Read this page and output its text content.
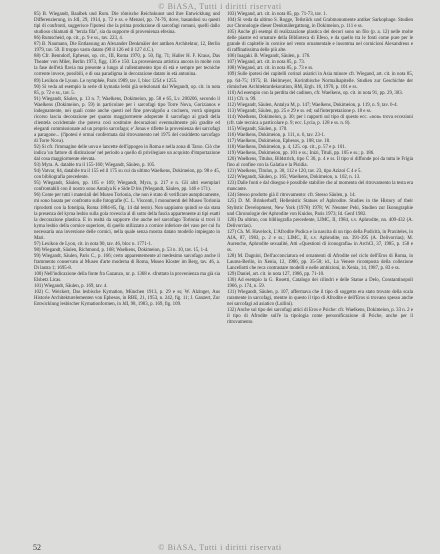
© BiASA, Tutti i diritti riservati

85) B. Wiegandt, Baalbek und Rom. Die römische Reichskunst und ihre Entwicklung und Differenzierung, in JdI, 29, 1914, p. 72 e ss. e Menzel, pp. 74-76, dove, basandosi su questi tipi di confronti, suggerisce l'ipotesi che la prima produzione di sarcofagi romani, quelli dallo studioso chiamati di "terzia fila", sia da supporre di provenienza efesina.

86) Rumscheid, op. cit., p. 9 e ss., tav. 223, 4.

87) B. Naumann, Die Entlassung an Alexander Denkmäler der antiken Architektur, 12, Berlin 1979, tav. 59. Il troppo vasto datato (90 il 126 ed il 127 d.C.).

88) Cfr. Benndorf, Ephesos, op. cit., III, Roma 1970, p. 50, fig. 71; Haller H. F. Kraus, Das Theater von Milet, Berlin 1973, figg. 136 e 150. La provenienza artistica ancora in molte con la fase dell'età flavia ma presente a lungo al rallentamento tipo di età e sempre per tecniche corrente invece, possibili, e di sua paradigma in decorazione datato in età antonina.

89) Lexikon de Lyuon. Le nymphée, Paris 1989, tav. I, bloc 1254 e 1255.

90) Si veda ad esempio la serie di kymatia lesbi già selezionati dal Wiegandt, op. cit. in nota 85, p. 72 e ss., tav. 5.

91) Wiegandt, Säulen, p. 13 n. 7; Waelkens, Dokimeion, pp. 58 e 65, Lv. 200206, secondo il Waelkens (Dokimeion, p. 59) in particolare per i sarcofagi tipo Torre Nova, Gorizianos e indegnamente, nei quali come anche questi nel fine prevalgoño a cocinem, vorrà spiegata ricorso lascia decorazione per quanto maggiormente adoperate il sarcofago ai gradi della clientela occidentale che poteva così sostituire decorazioni eventualmente più gradite ed eleganti commissionate ad un proprio sarcofago; e' Jonas e riflette la provenienza dei sarcofagi a paragone... (l'ipotesi è ormai confermata dal ritrovamento nel 1975 del cosiddetto sarcofago di Torre Nova).

92) Si cfr. l'immagine delle uova e lancette dell'ippogeo in Roma e nella zona di Tarso. Ciò che indica 'un fattore di distinzione' nel periodo a quello di privilegiare un acquisto d'importazione dal cosa maggiormente elevata.

93) Myra. A. datable tra il 155-160; Wiegandt, Säulen, p. 105.

94) Vatvar, 84, databile tra il 155 ed il 175 su cui da ultimo Waelkens, Dokimeion, pp. 98 e 45, con bibliografia precedente.

95) Wiegandt, Säulen, pp. 165 e 169; Wiegandt, Myra, p. 217 e n. Gli altri esemplari confrontabili con il nostro sono Antalya K e Side D bis (Wiegandt, Säulen, pp. 146 e 171).

96) Come per tutti i materiali del Museo Torlonia, che non è stato di verificare autopticamente, mi sono basata per confronto sulle fotografie (C. L. Visconti, I monumenti del Museo Torlonia riprodotti con la fototipia, Roma 1884-85, fig. 14 dal testo). Non sappiamo quindi se sia stata la presenza del kyma lesbio sulla gola rovescia al di sotto della fascia appartenente ai tipi esatti la decorazione plastica. E in realtà da supporre che anche nel sarcofago Torlonia si trovi il kyma lesbio della cornice superiore, di quello utilizzato a cornice inferiore del vaso per cui fu necessaria una inversione delle cornici, nella quale senza mostra datato modello impiegato in Mari.

97) Lexikon de Lyon, cit. in nota 90, tav. 46, bloc n. 1771-1.

98) Wiegandt, Säulen, Richmond, p. 168; Waelkens, Dokimeion, p. 53 n. 10, tav. 15, 1-4.

99) Wiegandt, Säulen, Paris C., p. 166; certo apparentemente al medesimo sarcofago anche il frammento conservato al Museo d'arte moderna di Roma, Museo Kloster im Berg, tav. 46, a. Di lastra 1; 1695-8.

100) Nell'indicazione della fonte fra Gazanzo, nr. p. 1368 e. sfruttato la provenienza ma già sia Elsbetz Licas.

101) Wiegandt, Säulen, p. 169, tav. 4.

102) C. Weickert, Das lesbische Kymation, München 1913, p. 29 e ss; W. Alzinger, Aus Historie Architekturelementen von Ephesos, in RBE, 21, 1953, n. 242, fig. 11; J. Ganzert, Zur Entwicklung lesbischer Kymationformen, in JdI, 98, 1983, p. 169, fig. 109.

103) Wiegand, art. cit. in nota 85, pp. 71-73, tav. 1.

104) Si veda da ultimo S. Rogge, Teilstück und Grabmonumente antiker Sarkophage. Studien zur Chronologie dieser Denkmälergattung, in Dokimeion, p. 111 e ss.

105) Anche gli esempi di realizzazione plastica dei decori sono un filo (p. a. 12) nelle molte delle piastre ed ornature della Biblioteca di Efeso, e da quello tra le fonti come pure per le grande di capitelle in cornice nel vento ornamentale e insomma nel cornicioni Alexandreus e di raffinatissima delle più alte.

106) Inagaki. B. Wiegandt, Säulen, p. 176.

107) Wiegand, art. cit. in nota 85, p. 73.

108) Wiegand, art. cit. in nota 85, p. 73 e ss.

109) Sulle ipotesi dei capitelli corinzi asiatici in Asia minore cfr. Wiegand, art. cit. in nota 85, pp. 64-75; 1975; B. Heilmeyer, Korinthische Normalkapitelle. Studien zur Geschichte der römischen Architekturdekoration, RM, Ergh. 16, 1970, p. 101 e ss.

110) Ad esempio con la perdita del cadinen, cfr. Waelkens, op. cit. in nota 91, pp. 29, 303.

111) Cfr. n. 99.

112) Wiegandt, Säulen, Antalya M, p. 147; Waelkens, Dokimeion, p. 119, n. 9, tav. 6-4.

113) Wiegandt, Säulen, pp. 25 e 29 e ss. ed; sull'interpretazione p. 18 e ss.

114) Waelkens, Dokimeion, p. 30; per i rapporti sul tipo di questo ecc. «non» trova eccezioni (cfr. tale tecnica a particolare p. 9; ecc. Lycia, p. 128 e ss. n. 8).

115) Wiegandt, Säulen, p. 170.

116) Waelkens, Dokimeion, p. 111, n. 6, tav. 23-1.

117) Waelkens, Dokimeion, Ephesos, p. 108, tav. 18.

118) Waelkens, Dokimeion, p. 4, 125. op. cit., p. 57 e p. 101.

119) Waelkens, Dokimeion, pp. 101 e ss.; Inizi, Tituli, pp. 105 e ss.; p. 186.

120) Waelkens, Titulus, Bildstrich, tipo C 30, p. 4 e ss. Il tipo si diffonde poi da tutta le Frigia fino al confine con la Galatia e la Pisidia.

121) Waelkens, Titulus, p. 30, 112 e 120, tav. 23, tipo Azizoi C 4 e 5.

122) Wiegandt, Säulen, p. 165; Waelkens, Dokimeion, n. 102, n. 13.

123) Dalle fonti e dal disegno è possibile stabilire che al momento del ritrovamento la testa era mancante.

124) Stesso prodotto già il ritrovamento: cfr. Stesso Säulen, p. 14.

125) D. M. Brinkerhoff, Hellenistic Statues of Aphrodite. Studies in the History of their Stylistic Development, New York (1978) 1978; W. Neumer Pehi, Studien zur Ikonographie und Chronologie der Aphrodite von Knidos, Paris 1973; Id. Genf 1982.

126) Da ultimo, con bibliografia precedente, LIMC, II, 1984, s.v. Aphrodite, nn. 409-432 (A. Delivorrias).

127) Ch. M. Havelock, L'Afrodite Pudica e la nascita di un tipo della Pudicità, in Praxiteles, in AJA, 87, 1983, p. 2 e ss.; LIMC, II, s.v. Aphrodite, nn. 391-395 (A. Delivorrias); M. Aurenche, Aphrodite sexualité, Atti «Questioni di iconografia» in ArchCl, 37, 1985, p. 158 e ss.

128) M. Dagnini, Dell'acconciatura ed ornamenti di Afrodite nel ciclo dell'Eros di Roma, in Laurea-Berlin, in Xenia, 12, 1986, pp. 35-50; id., La Venere ricomposta della collezione Lancellotti che reca contrastare modelli e nelle ambizioni, in Xenia, 14, 1987, p. 83 e ss.

129) Daniel, art. cit. in nota 127, 1986, pp. 71-10.

130) Ad esempio la G. Rosetti, Catalogo dei cilindri e delle Statue a Delo, Constantinopoli 1966, p. 174, n. 59.

131) Wiegandt, Säulen, p. 107, affermava che il tipo di soggetto era stato trovato della scala raramente in sarcofagi, mentre in questo il tipo di Afrodite e dell'Eros si trovano spesso anche nei sarcofagi ad asiatico (Lullini).

132) Anche sul tipo dei sarcofagi attici di Eros e Psiche: cfr. Waelkens, Dokimeion, p. 33 n. 2 e il tipo di Afrodite sull'e la tipologia come personificazione di Psiche, anche per il ritrovamento.

52	© BiASA, Tutti i diritti riservati
